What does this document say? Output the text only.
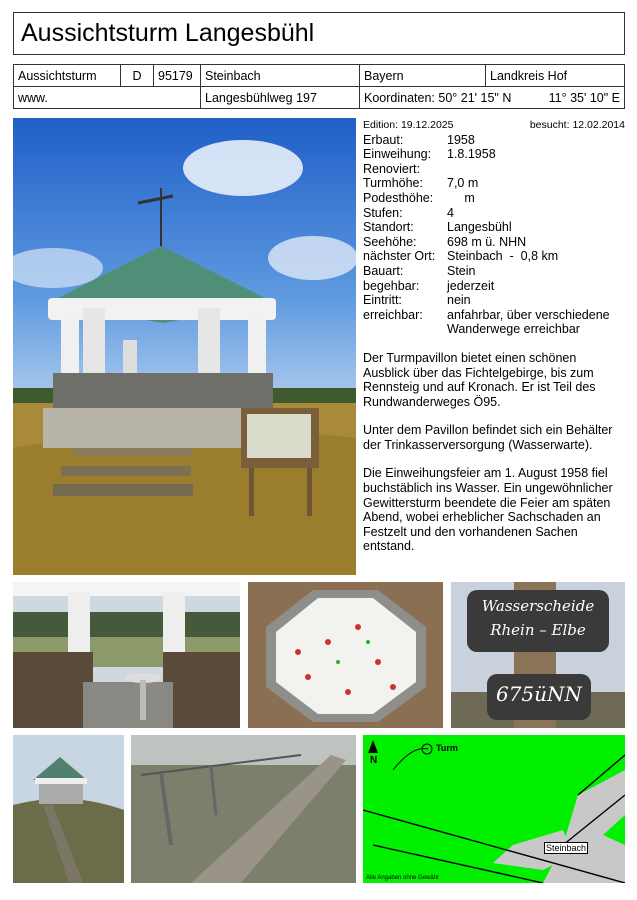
Aussichtsturm Langesbühl
Aussichtsturm	D	95179	Steinbach	Bayern	Landkreis Hof
www.			Langesbühlweg 197	Koordinaten: 50° 21' 15" N 11° 35' 10" E	
Edition: 19.12.2025	besucht: 12.02.2014
Erbaut:	1958
Einweihung:	1.8.1958
Renoviert:
Turmhöhe:	7,0 m
Podesthöhe:	m
Stufen:	4
Standort:	Langesbühl
Seehöhe:	698 m ü. NHN
nächster Ort: Steinbach  -  0,8 km
Bauart:	Stein
begehbar:	jederzeit
Eintritt:	nein
erreichbar:	anfahrbar, über verschiedene Wanderwege erreichbar
Der Turmpavillon bietet einen schönen Ausblick über das Fichtelgebirge, bis zum Rennsteig und auf Kronach. Er ist Teil des Rundwanderweges Ö95.
Unter dem Pavillon befindet sich ein Behälter der Trinkasserversorgung (Wasserwarte).
Die Einweihungsfeier am 1. August 1958 fiel buchstäblich ins Wasser. Ein ungewöhnlicher Gewittersturm beendete die Feier am späten Abend, wobei erheblicher Sachschaden an Festzelt und den vorhandenen Sachen entstand.
Wasserscheide
Rhein – Elbe
675üNN
N
Turm
Steinbach
Alle Angaben ohne Gewähr
